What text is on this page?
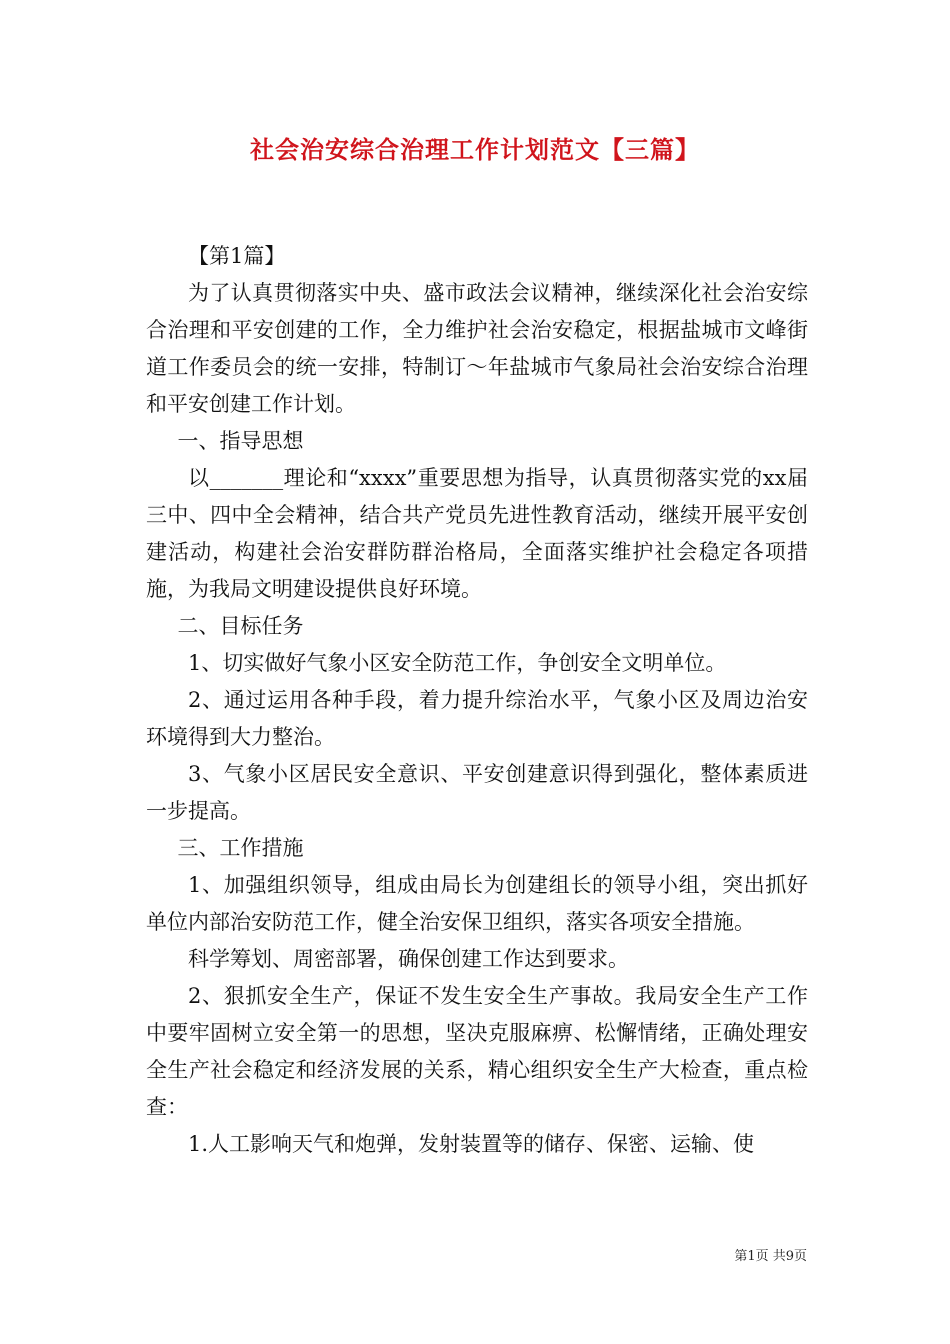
社会治安综合治理工作计划范文【三篇】

【第1篇】

为了认真贯彻落实中央、盛市政法会议精神，继续深化社会治安综合治理和平安创建的工作，全力维护社会治安稳定，根据盐城市文峰街道工作委员会的统一安排，特制订～年盐城市气象局社会治安综合治理和平安创建工作计划。

一、指导思想

以_______理论和“xxxx”重要思想为指导，认真贯彻落实党的xx届三中、四中全会精神，结合共产党员先进性教育活动，继续开展平安创建活动，构建社会治安群防群治格局，全面落实维护社会稳定各项措施，为我局文明建设提供良好环境。

二、目标任务

1、切实做好气象小区安全防范工作，争创安全文明单位。

2、通过运用各种手段，着力提升综治水平，气象小区及周边治安环境得到大力整治。

3、气象小区居民安全意识、平安创建意识得到强化，整体素质进一步提高。

三、工作措施

1、加强组织领导，组成由局长为创建组长的领导小组，突出抓好单位内部治安防范工作，健全治安保卫组织，落实各项安全措施。

科学筹划、周密部署，确保创建工作达到要求。

2、狠抓安全生产，保证不发生安全生产事故。我局安全生产工作中要牢固树立安全第一的思想，坚决克服麻痹、松懈情绪，正确处理安全生产社会稳定和经济发展的关系，精心组织安全生产大检查，重点检查：

1.人工影响天气和炮弹，发射装置等的储存、保密、运输、使

第1页 共9页
